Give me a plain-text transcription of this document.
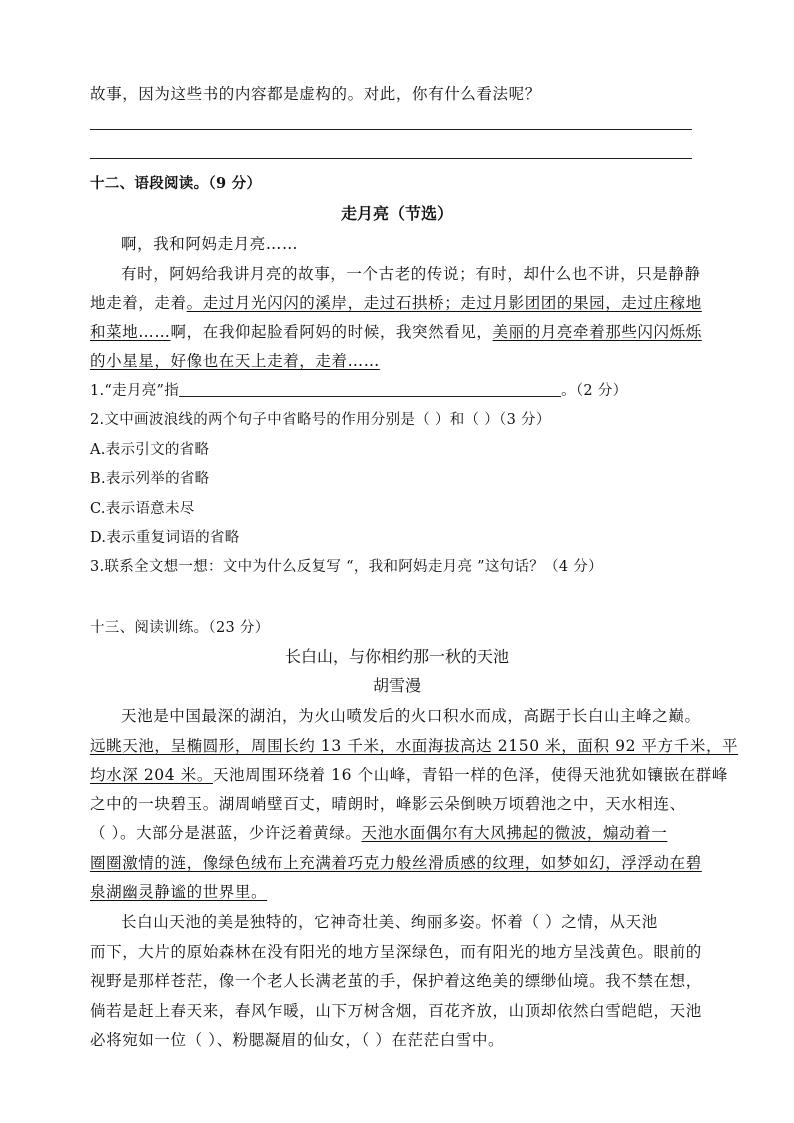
故事，因为这些书的内容都是虚构的。对此，你有什么看法呢？
十二、语段阅读。（9 分）
走月亮（节选）
啊，我和阿妈走月亮……
有时，阿妈给我讲月亮的故事，一个古老的传说；有时，却什么也不讲，只是静静
地走着，走着。走过月光闪闪的溪岸，走过石拱桥；走过月影团团的果园，走过庄稼地
和菜地……啊，在我仰起脸看阿妈的时候，我突然看见，美丽的月亮牵着那些闪闪烁烁
的小星星，好像也在天上走着，走着……
1.“走月亮”指	。（2 分）
2.文中画波浪线的两个句子中省略号的作用分别是（ ）和（ ）（3 分）
A.表示引文的省略
B.表示列举的省略
C.表示语意未尽
D.表示重复词语的省略
3.联系全文想一想：文中为什么反复写 “，我和阿妈走月亮 ”这句话？（4 分）
十三、阅读训练。（23 分）
长白山，与你相约那一秋的天池
胡雪漫
天池是中国最深的湖泊，为火山喷发后的火口积水而成，高踞于长白山主峰之巅。
远眺天池，呈椭圆形，周围长约 13 千米，水面海拔高达 2150 米，面积 92 平方千米，平
均水深 204 米。天池周围环绕着 16 个山峰，青铅一样的色泽，使得天池犹如镶嵌在群峰
之中的一块碧玉。湖周峭壁百丈，晴朗时，峰影云朵倒映万顷碧池之中，天水相连、
（ ）。大部分是湛蓝，少许泛着黄绿。天池水面偶尔有大风拂起的微波，煽动着一
圈圈激情的涟，像绿色绒布上充满着巧克力般丝滑质感的纹理，如梦如幻，浮浮动在碧
泉湖幽灵静谧的世界里。
长白山天池的美是独特的，它神奇壮美、绚丽多姿。怀着（ ）之情，从天池
而下，大片的原始森林在没有阳光的地方呈深绿色，而有阳光的地方呈浅黄色。眼前的
视野是那样苍茫，像一个老人长满老茧的手，保护着这绝美的缥缈仙境。我不禁在想，
倘若是赶上春天来，春风乍暖，山下万树含烟，百花齐放，山顶却依然白雪皑皑，天池
必将宛如一位（ ）、粉腮凝眉的仙女，（ ）在茫茫白雪中。
